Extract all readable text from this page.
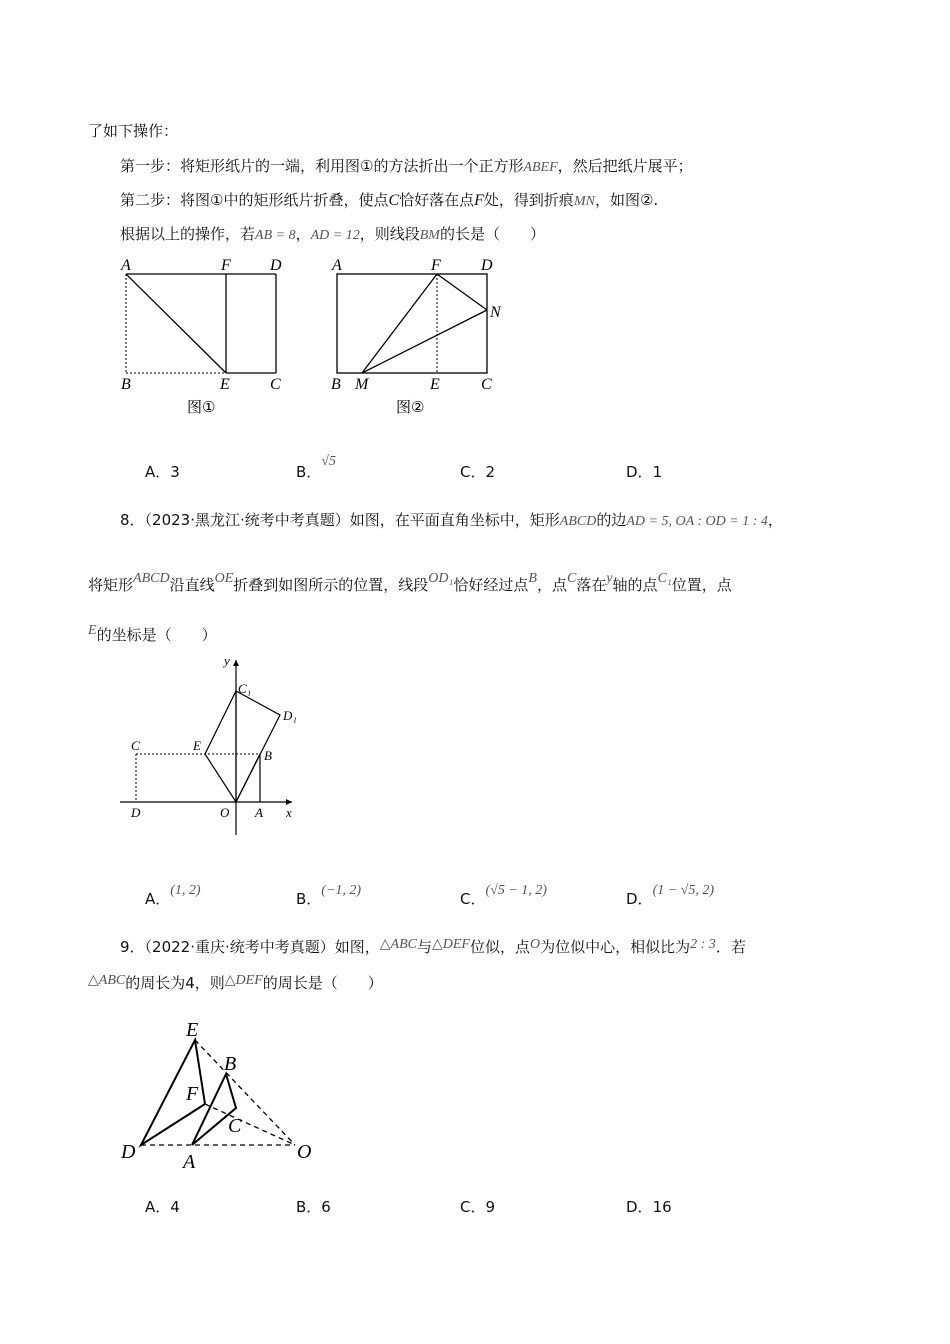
了如下操作：
第一步：将矩形纸片的一端，利用图①的方法折出一个正方形ABEF，然后把纸片展平；
第二步：将图①中的矩形纸片折叠，使点C恰好落在点F处，得到折痕MN，如图②.
根据以上的操作，若AB = 8，AD = 12，则线段BM的长是（　　）
A	F D
B	E	C
图①
A	F	D
N
B M	E	C
图②
A．3	B．√5
C．2	D．1
8．（2023·黑龙江·统考中考真题）如图，在平面直角坐标中，矩形ABCD的边AD = 5, OA : OD = 1 : 4，
将矩形ABCD沿直线OE折叠到如图所示的位置，线段OD₁恰好经过点B，点C落在y轴的点C₁位置，点
E的坐标是（　　）
y
x
C₁
D₁
C	E
B
D	O A
A．(1, 2)	B．(−1, 2)	C．(√5 − 1, 2)	D．(1 − √5, 2)
9．（2022·重庆·统考中考真题）如图，△ABC与△DEF位似，点O为位似中心，相似比为2 : 3．若
△ABC的周长为4，则△DEF的周长是（　　）
E
B
F
C
D A	O
A．4	B．6	C．9	D．16
